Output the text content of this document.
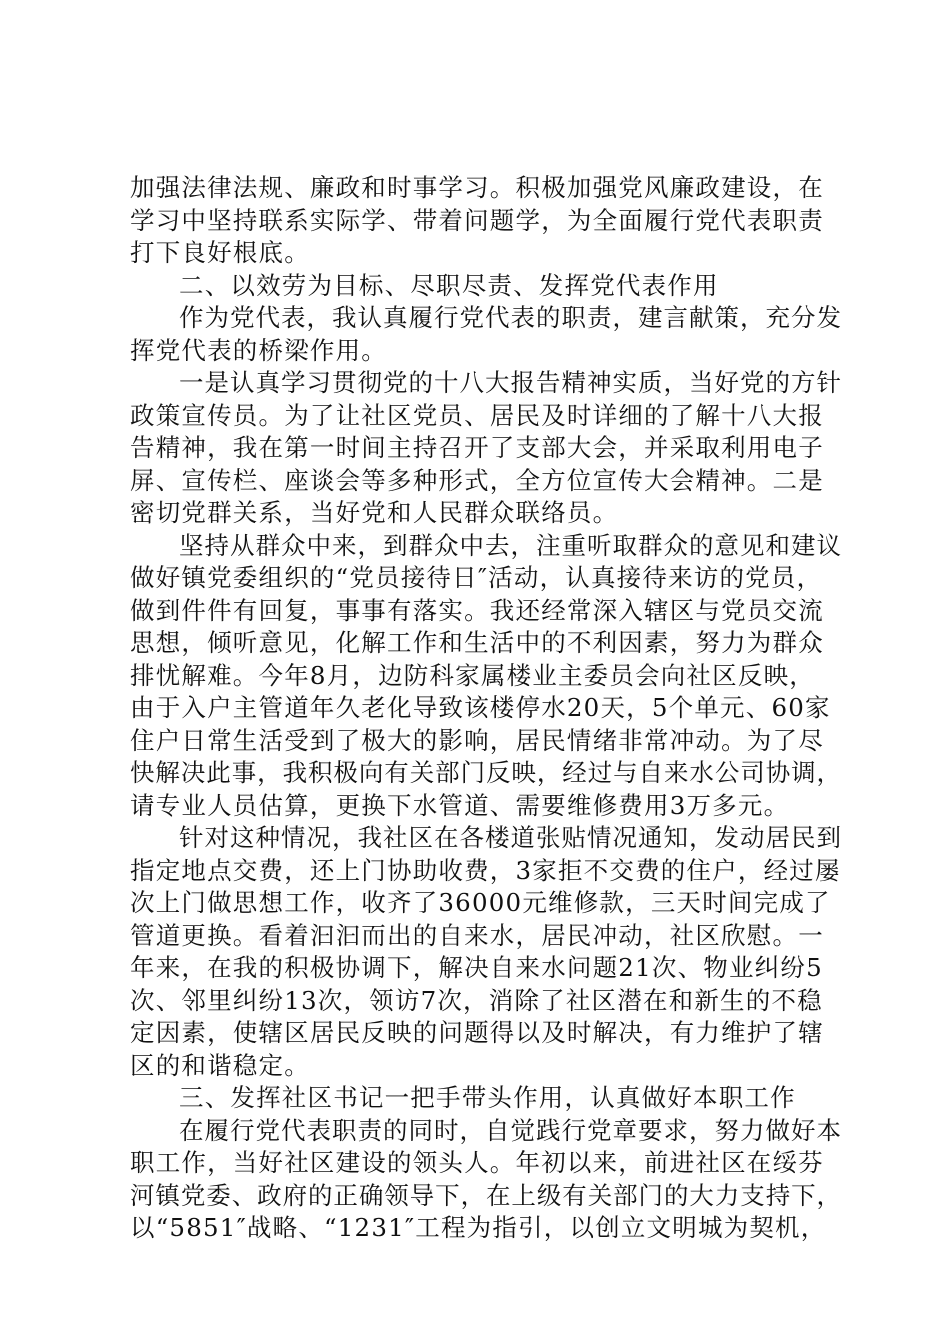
加强法律法规、廉政和时事学习。积极加强党风廉政建设，在
学习中坚持联系实际学、带着问题学，为全面履行党代表职责
打下良好根底。
二、以效劳为目标、尽职尽责、发挥党代表作用
作为党代表，我认真履行党代表的职责，建言献策，充分发
挥党代表的桥梁作用。
一是认真学习贯彻党的十八大报告精神实质，当好党的方针
政策宣传员。为了让社区党员、居民及时详细的了解十八大报
告精神，我在第一时间主持召开了支部大会，并采取利用电子
屏、宣传栏、座谈会等多种形式，全方位宣传大会精神。二是
密切党群关系，当好党和人民群众联络员。
坚持从群众中来，到群众中去，注重听取群众的意见和建议
做好镇党委组织的“党员接待日″活动，认真接待来访的党员，
做到件件有回复，事事有落实。我还经常深入辖区与党员交流
思想，倾听意见，化解工作和生活中的不利因素，努力为群众
排忧解难。今年8月，边防科家属楼业主委员会向社区反映，
由于入户主管道年久老化导致该楼停水20天，5个单元、60家
住户日常生活受到了极大的影响，居民情绪非常冲动。为了尽
快解决此事，我积极向有关部门反映，经过与自来水公司协调，
请专业人员估算，更换下水管道、需要维修费用3万多元。
针对这种情况，我社区在各楼道张贴情况通知，发动居民到
指定地点交费，还上门协助收费，3家拒不交费的住户，经过屡
次上门做思想工作，收齐了36000元维修款，三天时间完成了
管道更换。看着汩汩而出的自来水，居民冲动，社区欣慰。一
年来，在我的积极协调下，解决自来水问题21次、物业纠纷5
次、邻里纠纷13次，领访7次，消除了社区潜在和新生的不稳
定因素，使辖区居民反映的问题得以及时解决，有力维护了辖
区的和谐稳定。
三、发挥社区书记一把手带头作用，认真做好本职工作
在履行党代表职责的同时，自觉践行党章要求，努力做好本
职工作，当好社区建设的领头人。年初以来，前进社区在绥芬
河镇党委、政府的正确领导下，在上级有关部门的大力支持下，
以“5851″战略、“1231″工程为指引，以创立文明城为契机，
